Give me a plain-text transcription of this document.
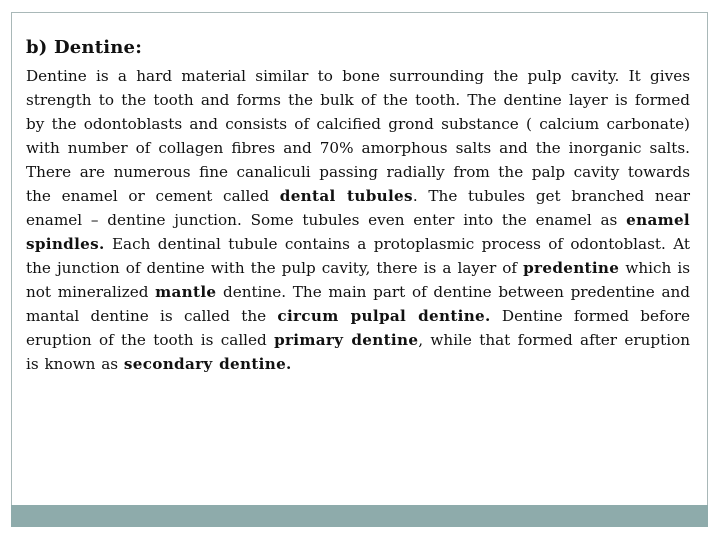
b) Dentine:

Dentine is a hard material similar to bone surrounding the pulp cavity. It gives strength to the tooth and forms the bulk of the tooth. The dentine layer is formed by the odontoblasts and consists of calcified grond substance ( calcium carbonate) with number of collagen fibres and 70% amorphous salts and the inorganic salts. There are numerous fine canaliculi passing radially from the palp cavity towards the enamel or cement called dental tubules. The tubules get branched near enamel – dentine junction. Some tubules even enter into the enamel as enamel spindles. Each dentinal tubule contains a protoplasmic process of odontoblast. At the junction of dentine with the pulp cavity, there is a layer of predentine which is not mineralized mantle dentine. The main part of dentine between predentine and mantal dentine is called the circum pulpal dentine. Dentine formed before eruption of the tooth is called primary dentine, while that formed after eruption is known as secondary dentine.
